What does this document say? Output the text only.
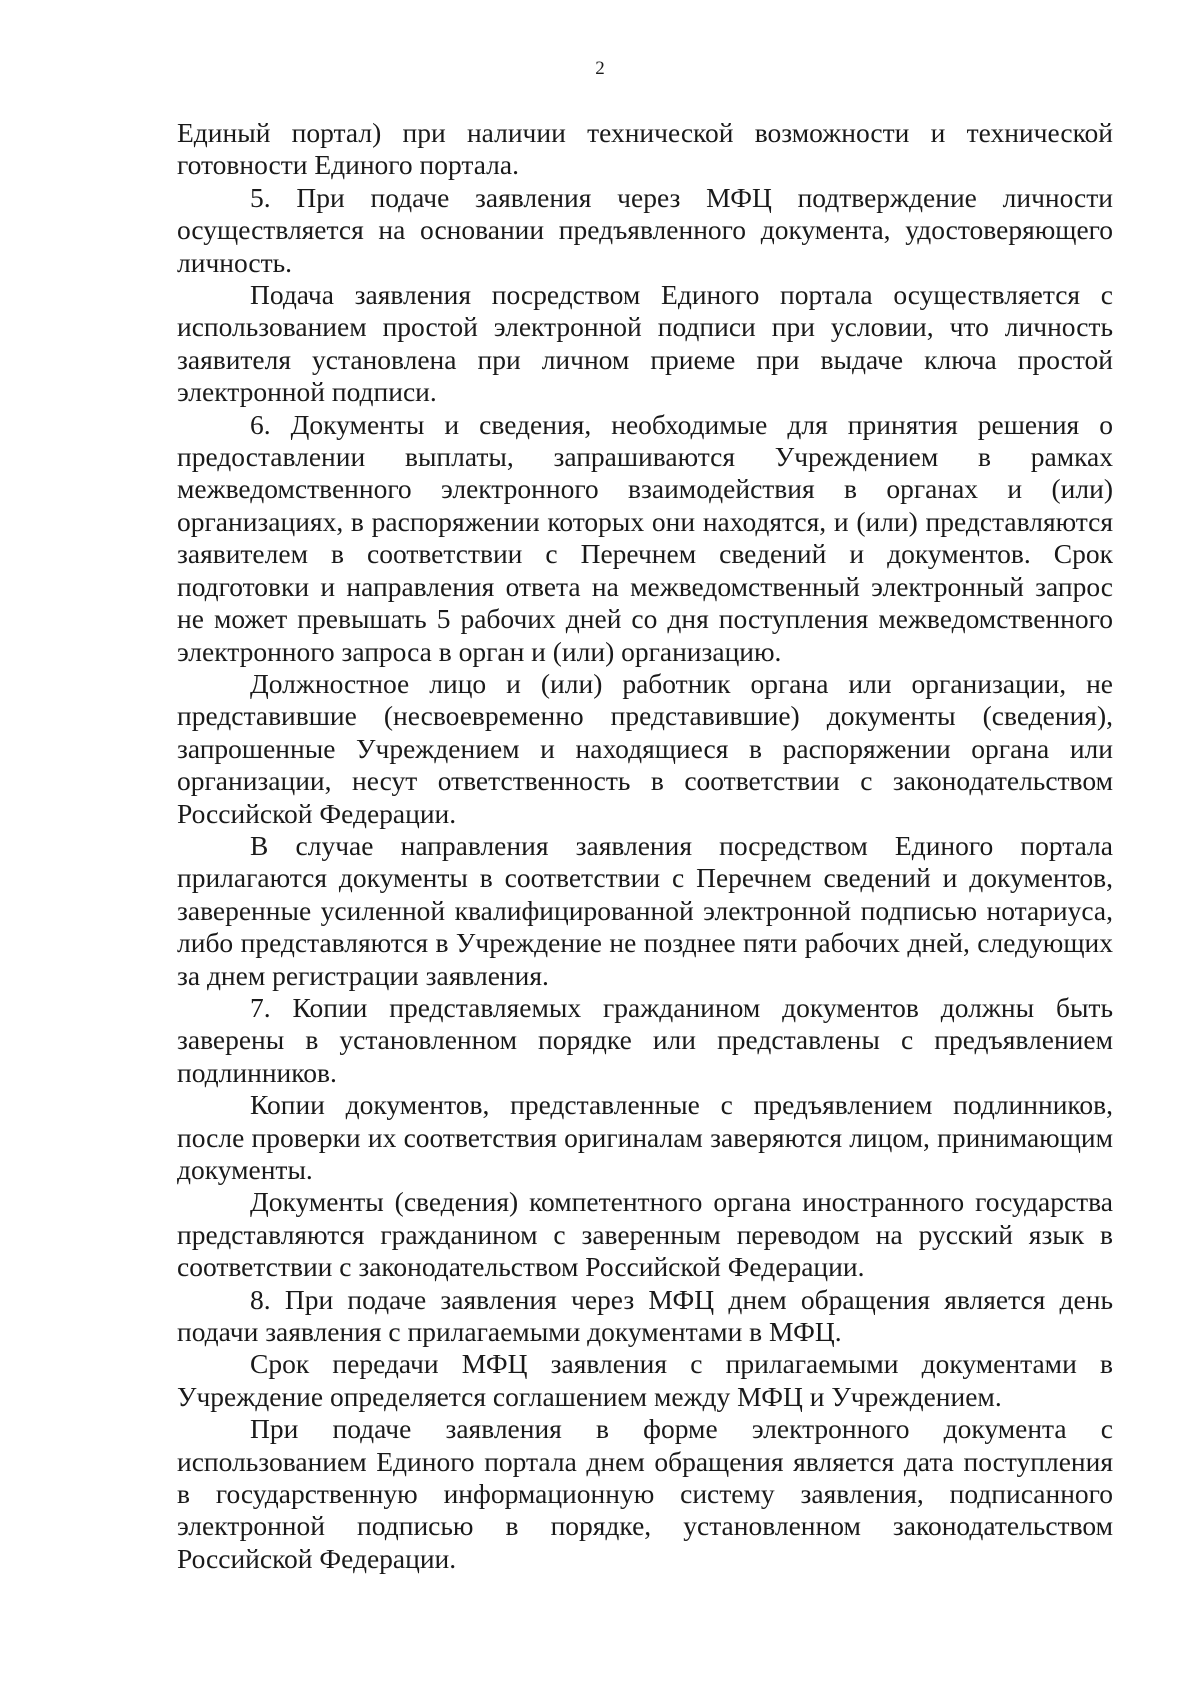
2

Единый портал) при наличии технической возможности и технической готовности Единого портала.

5. При подаче заявления через МФЦ подтверждение личности осуществляется на основании предъявленного документа, удостоверяющего личность.

Подача заявления посредством Единого портала осуществляется с использованием простой электронной подписи при условии, что личность заявителя установлена при личном приеме при выдаче ключа простой электронной подписи.

6. Документы и сведения, необходимые для принятия решения о предоставлении выплаты, запрашиваются Учреждением в рамках межведомственного электронного взаимодействия в органах и (или) организациях, в распоряжении которых они находятся, и (или) представляются заявителем в соответствии с Перечнем сведений и документов. Срок подготовки и направления ответа на межведомственный электронный запрос не может превышать 5 рабочих дней со дня поступления межведомственного электронного запроса в орган и (или) организацию.

Должностное лицо и (или) работник органа или организации, не представившие (несвоевременно представившие) документы (сведения), запрошенные Учреждением и находящиеся в распоряжении органа или организации, несут ответственность в соответствии с законодательством Российской Федерации.

В случае направления заявления посредством Единого портала прилагаются документы в соответствии с Перечнем сведений и документов, заверенные усиленной квалифицированной электронной подписью нотариуса, либо представляются в Учреждение не позднее пяти рабочих дней, следующих за днем регистрации заявления.

7. Копии представляемых гражданином документов должны быть заверены в установленном порядке или представлены с предъявлением подлинников.

Копии документов, представленные с предъявлением подлинников, после проверки их соответствия оригиналам заверяются лицом, принимающим документы.

Документы (сведения) компетентного органа иностранного государства представляются гражданином с заверенным переводом на русский язык в соответствии с законодательством Российской Федерации.

8. При подаче заявления через МФЦ днем обращения является день подачи заявления с прилагаемыми документами в МФЦ.

Срок передачи МФЦ заявления с прилагаемыми документами в Учреждение определяется соглашением между МФЦ и Учреждением.

При подаче заявления в форме электронного документа с использованием Единого портала днем обращения является дата поступления в государственную информационную систему заявления, подписанного электронной подписью в порядке, установленном законодательством Российской Федерации.
